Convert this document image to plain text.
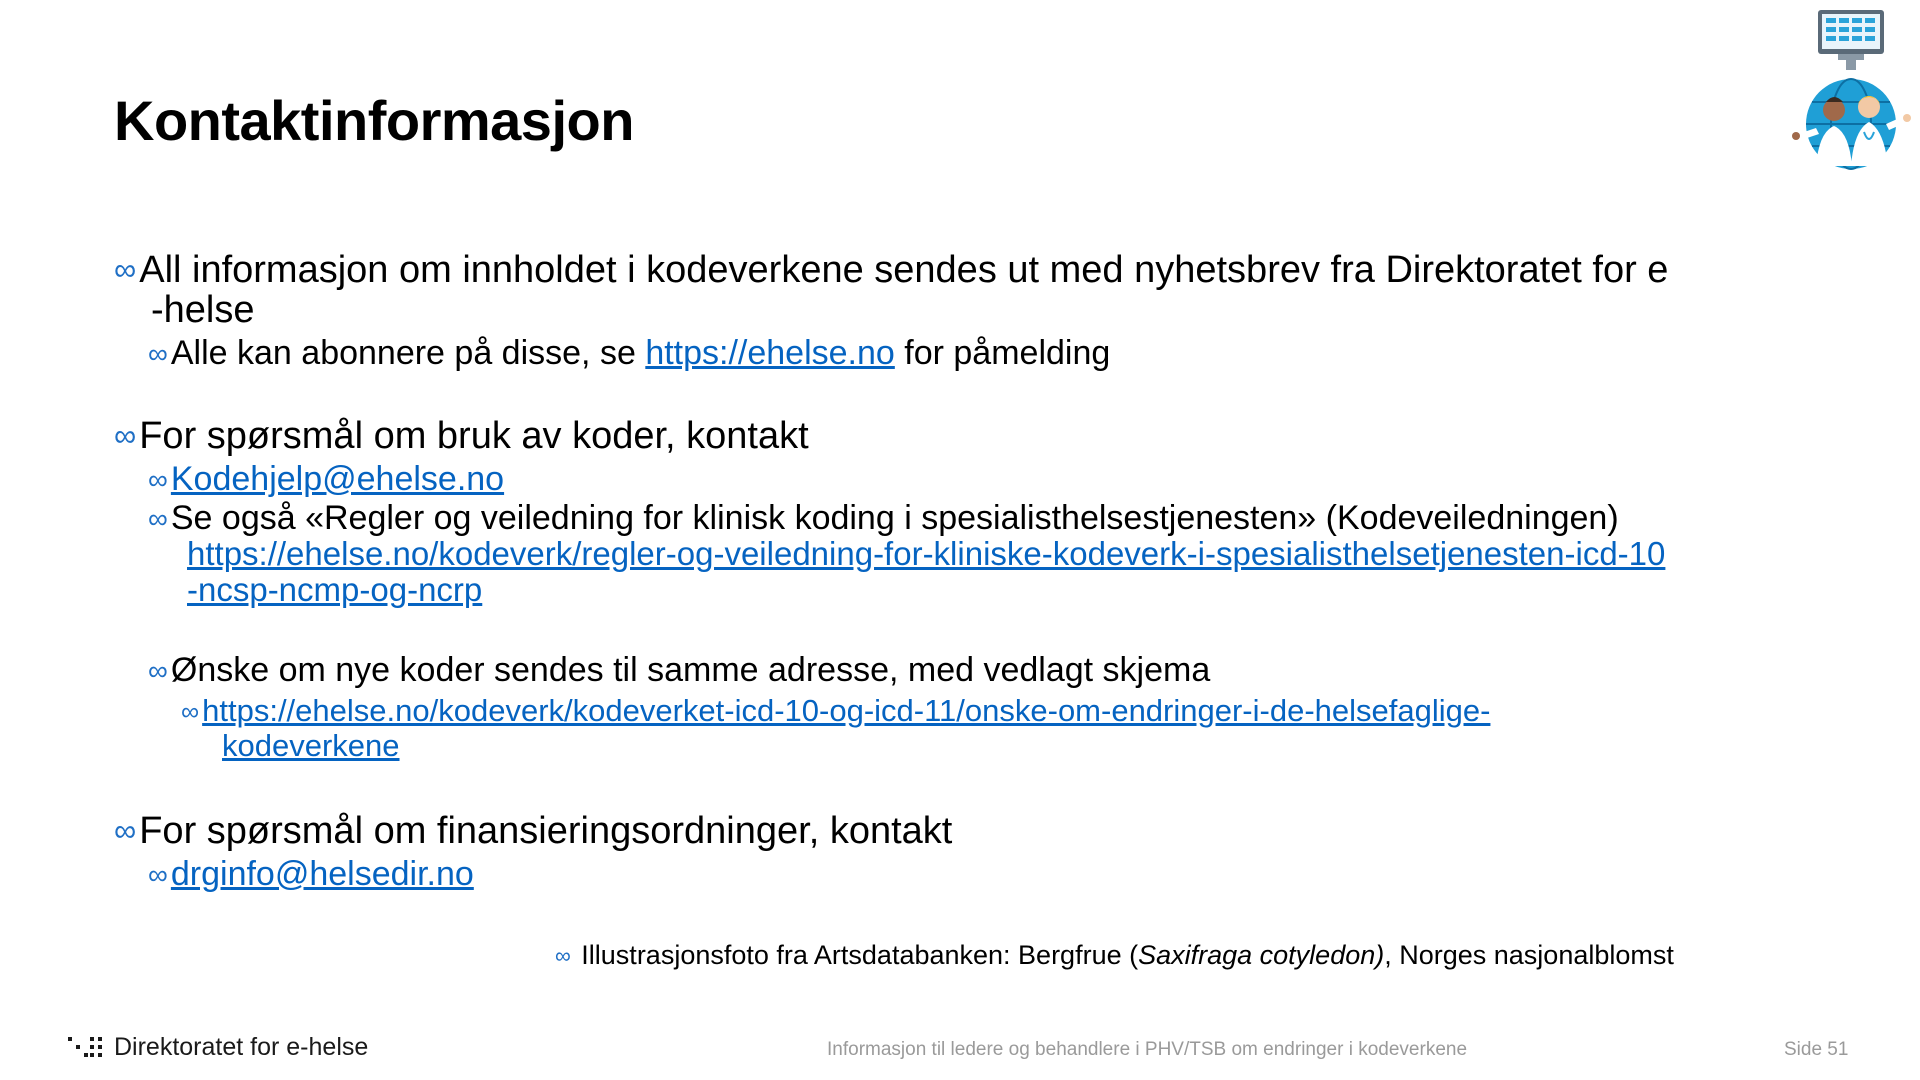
Kontaktinformasjon
∞All informasjon om innholdet i kodeverkene sendes ut med nyhetsbrev fra Direktoratet for e
-helse
∞Alle kan abonnere på disse, se https://ehelse.no for påmelding
∞For spørsmål om bruk av koder, kontakt
∞Kodehjelp@ehelse.no
∞Se også «Regler og veiledning for klinisk koding i spesialisthelsestjenesten» (Kodeveiledningen)
https://ehelse.no/kodeverk/regler-og-veiledning-for-kliniske-kodeverk-i-spesialisthelsetjenesten-icd-10
-ncsp-ncmp-og-ncrp
∞Ønske om nye koder sendes til samme adresse, med vedlagt skjema
∞https://ehelse.no/kodeverk/kodeverket-icd-10-og-icd-11/onske-om-endringer-i-de-helsefaglige-
kodeverkene
∞For spørsmål om finansieringsordninger, kontakt
∞drginfo@helsedir.no
∞ Illustrasjonsfoto fra Artsdatabanken: Bergfrue (Saxifraga cotyledon), Norges nasjonalblomst
Direktoratet for e-helse	Informasjon til ledere og behandlere i PHV/TSB om endringer i kodeverkene	Side 51
